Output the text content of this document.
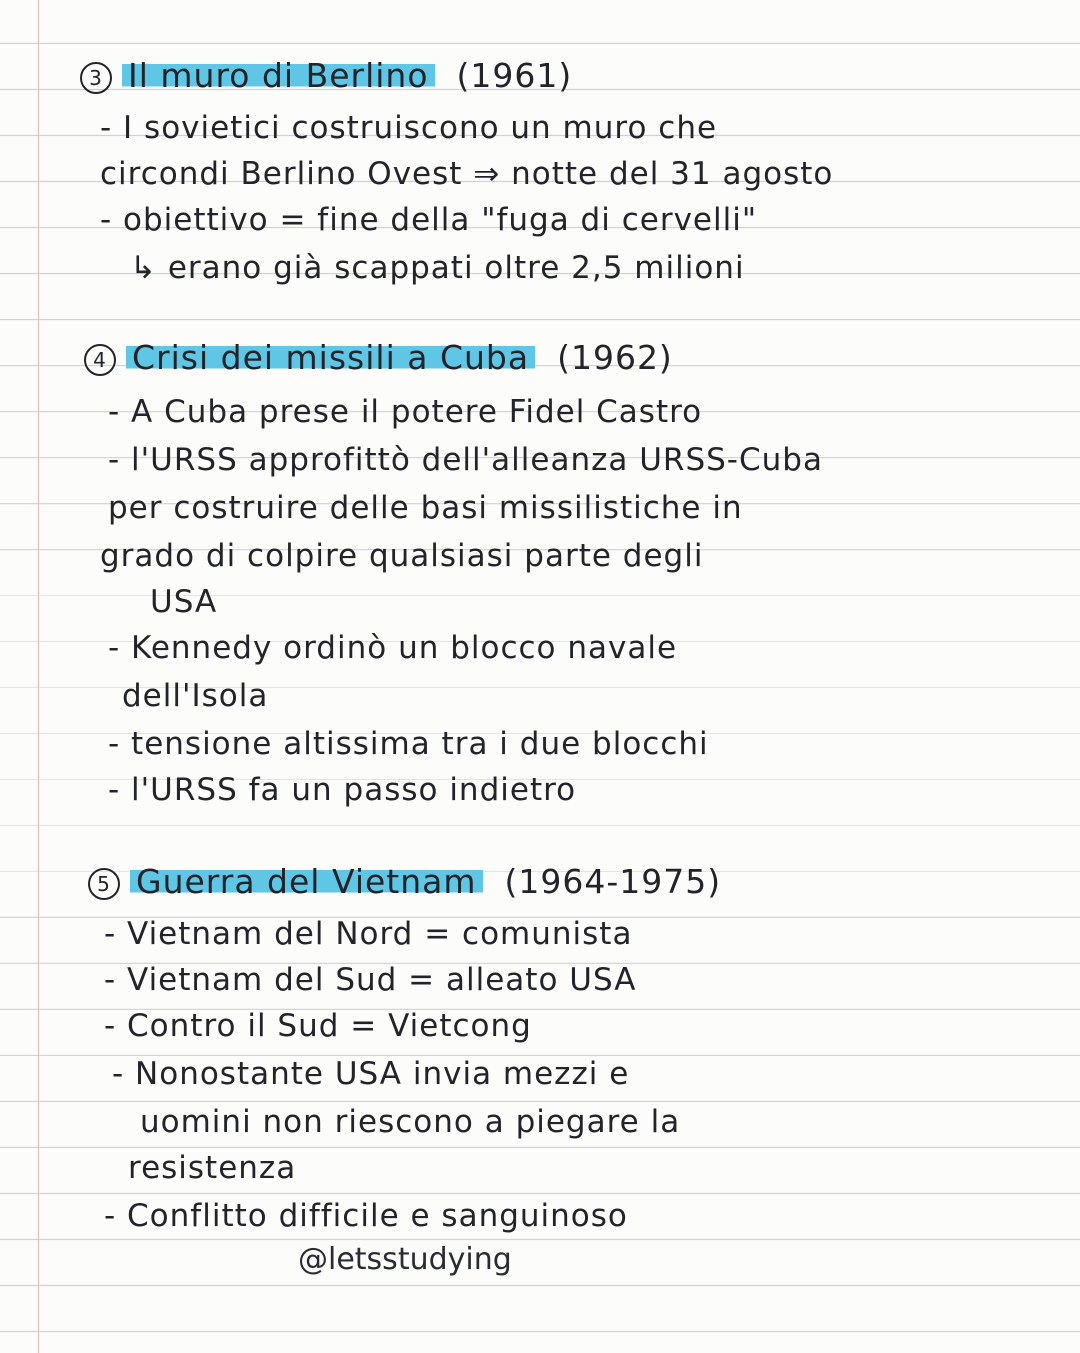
3 Il muro di Berlino (1961)
- I sovietici costruiscono un muro che
circondi Berlino Ovest ⇒ notte del 31 agosto
- obiettivo = fine della "fuga di cervelli"
↳ erano già scappati oltre 2,5 milioni
4 Crisi dei missili a Cuba (1962)
- A Cuba prese il potere Fidel Castro
- l'URSS approfittò dell'alleanza URSS-Cuba
per costruire delle basi missilistiche in
grado di colpire qualsiasi parte degli
USA
- Kennedy ordinò un blocco navale
dell'Isola
- tensione altissima tra i due blocchi
- l'URSS fa un passo indietro
5 Guerra del Vietnam (1964-1975)
- Vietnam del Nord = comunista
- Vietnam del Sud = alleato USA
- Contro il Sud = Vietcong
- Nonostante USA invia mezzi e
uomini non riescono a piegare la
resistenza
- Conflitto difficile e sanguinoso
@letsstudying
